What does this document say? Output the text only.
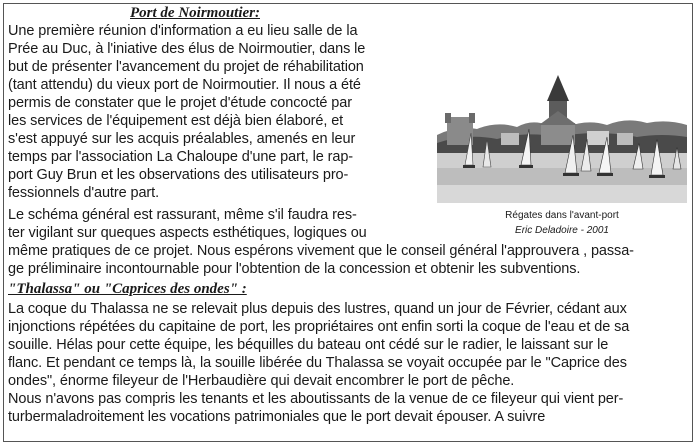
Port de Noirmoutier:

Une première réunion d'information a eu lieu salle de la

Prée au Duc, à l'iniative des élus de Noirmoutier, dans le

but de présenter l'avancement du projet de réhabilitation

(tant attendu) du vieux port de Noirmoutier. Il nous a été

permis de constater que le projet d'étude concocté par

les services de l'équipement est déjà bien élaboré, et

s'est appuyé sur les acquis préalables, amenés en leur

temps par l'association La Chaloupe d'une part, le rap-

port Guy Brun et les observations des utilisateurs pro-

fessionnels d'autre part.

Le schéma général est rassurant, même s'il faudra res-

ter vigilant sur queques aspects esthétiques, logiques ou

même pratiques de ce projet. Nous espérons vivement que le conseil général l'approuvera , passa-

ge préliminaire incontournable pour l'obtention de la concession et obtenir les subventions.

Régates dans l'avant-port
Eric Deladoire - 2001
"Thalassa" ou "Caprices des ondes" :

La coque du Thalassa ne se relevait plus depuis des lustres, quand un jour de Février, cédant aux

injonctions répétées du capitaine de port, les propriétaires ont enfin sorti la coque de l'eau et de sa

souille. Hélas pour cette équipe, les béquilles du bateau ont cédé sur le radier, le laissant sur le

flanc. Et pendant ce temps là, la souille libérée du Thalassa se voyait occupée par le "Caprice des

ondes", énorme fileyeur de l'Herbaudière qui devait encombrer le port de pêche.

Nous n'avons pas compris les tenants et les aboutissants de la venue de ce fileyeur qui vient per-

turbermaladroitement les vocations patrimoniales que le port devait épouser. A suivre
